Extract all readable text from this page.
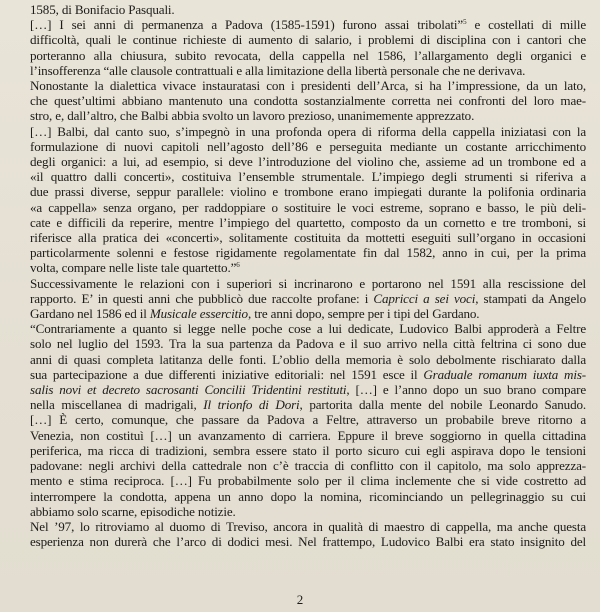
1585, di Bonifacio Pasquali.
[…] I sei anni di permanenza a Padova (1585-1591) furono assai tribolati”$^5$ e costellati di mille
difficoltà, quali le continue richieste di aumento di salario, i problemi di disciplina con i cantori che
porteranno alla chiusura, subito revocata, della cappella nel 1586, l’allargamento degli organici e
l’insofferenza “alle clausole contrattuali e alla limitazione della libertà personale che ne derivava.
Nonostante la dialettica vivace instauratasi con i presidenti dell’Arca, si ha l’impressione, da un lato,
che quest’ultimi abbiano mantenuto una condotta sostanzialmente corretta nei confronti del loro mae-
stro, e, dall’altro, che Balbi abbia svolto un lavoro prezioso, unanimemente apprezzato.
[…] Balbi, dal canto suo, s’impegnò in una profonda opera di riforma della cappella iniziatasi con la
formulazione di nuovi capitoli nell’agosto dell’86 e perseguita mediante un costante arricchimento
degli organici: a lui, ad esempio, si deve l’introduzione del violino che, assieme ad un trombone ed a
«il quattro dalli concerti», costituiva l’ensemble strumentale. L’impiego degli strumenti si riferiva a
due prassi diverse, seppur parallele: violino e trombone erano impiegati durante la polifonia ordinaria
«a cappella» senza organo, per raddoppiare o sostituire le voci estreme, soprano e basso, le più deli-
cate e difficili da reperire, mentre l’impiego del quartetto, composto da un cornetto e tre tromboni, si
riferisce alla pratica dei «concerti», solitamente costituita da mottetti eseguiti sull’organo in occasioni
particolarmente solenni e festose rigidamente regolamentate fin dal 1582, anno in cui, per la prima
volta, compare nelle liste tale quartetto.”$^6$
Successivamente le relazioni con i superiori si incrinarono e portarono nel 1591 alla rescissione del
rapporto. E’ in questi anni che pubblicò due raccolte profane: i Capricci a sei voci, stampati da Angelo
Gardano nel 1586 ed il Musicale essercitio, tre anni dopo, sempre per i tipi del Gardano.
“Contrariamente a quanto si legge nelle poche cose a lui dedicate, Ludovico Balbi approderà a Feltre
solo nel luglio del 1593. Tra la sua partenza da Padova e il suo arrivo nella città feltrina ci sono due
anni di quasi completa latitanza delle fonti. L’oblio della memoria è solo debolmente rischiarato dalla
sua partecipazione a due differenti iniziative editoriali: nel 1591 esce il Graduale romanum iuxta mis-
salis novi et decreto sacrosanti Concilii Tridentini restituti, […] e l’anno dopo un suo brano compare
nella miscellanea di madrigali, Il trionfo di Dori, partorita dalla mente del nobile Leonardo Sanudo.
[…] È certo, comunque, che passare da Padova a Feltre, attraverso un probabile breve ritorno a
Venezia, non costituì […] un avanzamento di carriera. Eppure il breve soggiorno in quella cittadina
periferica, ma ricca di tradizioni, sembra essere stato il porto sicuro cui egli aspirava dopo le tensioni
padovane: negli archivi della cattedrale non c’è traccia di conflitto con il capitolo, ma solo apprezza-
mento e stima reciproca. […] Fu probabilmente solo per il clima inclemente che si vide costretto ad
interrompere la condotta, appena un anno dopo la nomina, ricominciando un pellegrinaggio su cui
abbiamo solo scarne, episodiche notizie.
Nel ’97, lo ritroviamo al duomo di Treviso, ancora in qualità di maestro di cappella, ma anche questa
esperienza non durerà che l’arco di dodici mesi. Nel frattempo, Ludovico Balbi era stato insignito del
2
